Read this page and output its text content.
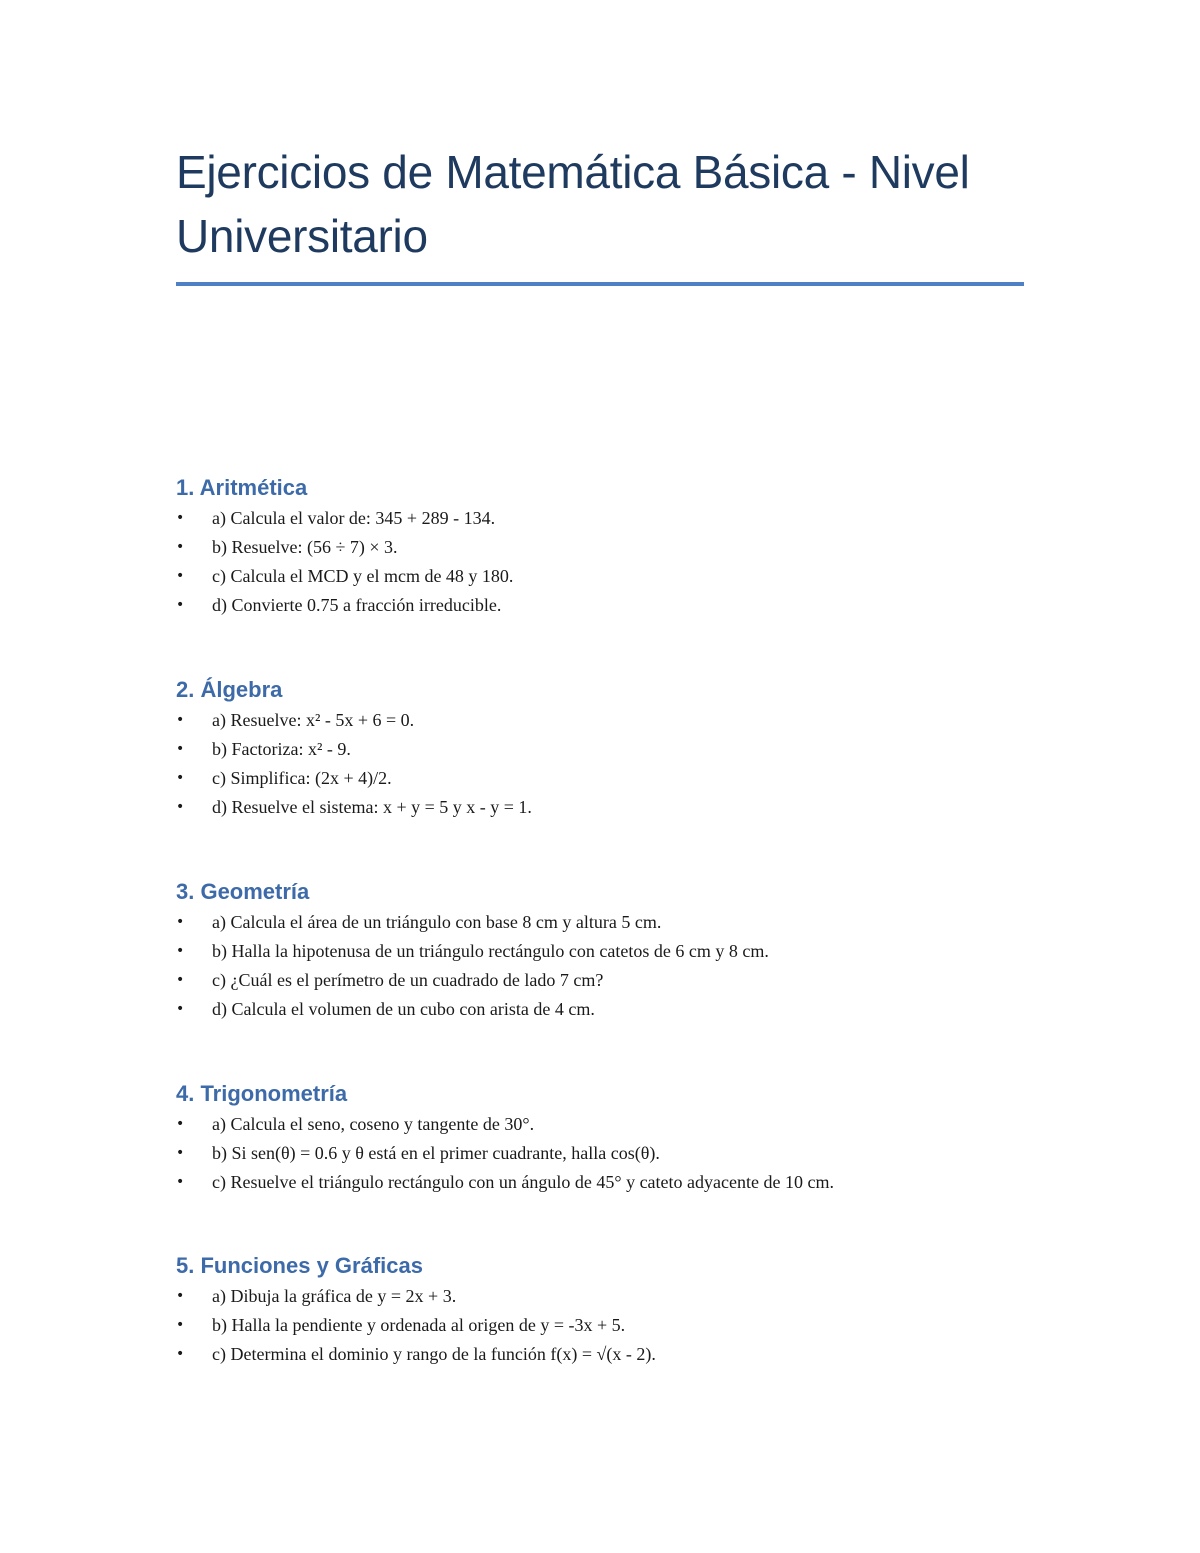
Ejercicios de Matemática Básica - Nivel Universitario
1. Aritmética
• a) Calcula el valor de: 345 + 289 - 134.
• b) Resuelve: (56 ÷ 7) × 3.
• c) Calcula el MCD y el mcm de 48 y 180.
• d) Convierte 0.75 a fracción irreducible.
2. Álgebra
• a) Resuelve: x² - 5x + 6 = 0.
• b) Factoriza: x² - 9.
• c) Simplifica: (2x + 4)/2.
• d) Resuelve el sistema: x + y = 5 y x - y = 1.
3. Geometría
• a) Calcula el área de un triángulo con base 8 cm y altura 5 cm.
• b) Halla la hipotenusa de un triángulo rectángulo con catetos de 6 cm y 8 cm.
• c) ¿Cuál es el perímetro de un cuadrado de lado 7 cm?
• d) Calcula el volumen de un cubo con arista de 4 cm.
4. Trigonometría
• a) Calcula el seno, coseno y tangente de 30°.
• b) Si sen(θ) = 0.6 y θ está en el primer cuadrante, halla cos(θ).
• c) Resuelve el triángulo rectángulo con un ángulo de 45° y cateto adyacente de 10 cm.
5. Funciones y Gráficas
• a) Dibuja la gráfica de y = 2x + 3.
• b) Halla la pendiente y ordenada al origen de y = -3x + 5.
• c) Determina el dominio y rango de la función f(x) = √(x - 2).
